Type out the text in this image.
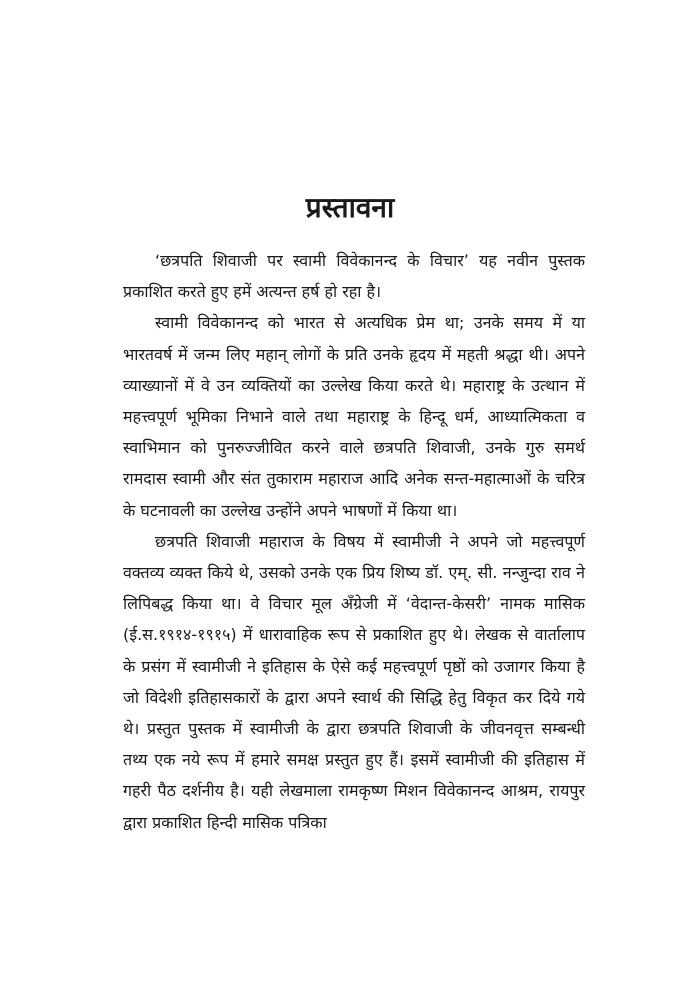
प्रस्तावना

‘छत्रपति शिवाजी पर स्वामी विवेकानन्द के विचार’ यह नवीन पुस्तक प्रकाशित करते हुए हमें अत्यन्त हर्ष हो रहा है।

स्वामी विवेकानन्द को भारत से अत्यधिक प्रेम था; उनके समय में या भारतवर्ष में जन्म लिए महान् लोगों के प्रति उनके हृदय में महती श्रद्धा थी। अपने व्याख्यानों में वे उन व्यक्तियों का उल्लेख किया करते थे। महाराष्ट्र के उत्थान में महत्त्वपूर्ण भूमिका निभाने वाले तथा महाराष्ट्र के हिन्दू धर्म, आध्यात्मिकता व स्वाभिमान को पुनरुज्जीवित करने वाले छत्रपति शिवाजी, उनके गुरु समर्थ रामदास स्वामी और संत तुकाराम महाराज आदि अनेक सन्त-महात्माओं के चरित्र के घटनावली का उल्लेख उन्होंने अपने भाषणों में किया था।

छत्रपति शिवाजी महाराज के विषय में स्वामीजी ने अपने जो महत्त्वपूर्ण वक्तव्य व्यक्त किये थे, उसको उनके एक प्रिय शिष्य डॉ. एम्. सी. नन्जुन्दा राव ने लिपिबद्ध किया था। वे विचार मूल अँग्रेजी में ‘वेदान्त-केसरी’ नामक मासिक (ई.स.१९१४-१९१५) में धारावाहिक रूप से प्रकाशित हुए थे। लेखक से वार्तालाप के प्रसंग में स्वामीजी ने इतिहास के ऐसे कई महत्त्वपूर्ण पृष्ठों को उजागर किया है जो विदेशी इतिहासकारों के द्वारा अपने स्वार्थ की सिद्धि हेतु विकृत कर दिये गये थे। प्रस्तुत पुस्तक में स्वामीजी के द्वारा छत्रपति शिवाजी के जीवनवृत्त सम्बन्धी तथ्य एक नये रूप में हमारे समक्ष प्रस्तुत हुए हैं। इसमें स्वामीजी की इतिहास में गहरी पैठ दर्शनीय है। यही लेखमाला रामकृष्ण मिशन विवेकानन्द आश्रम, रायपुर द्वारा प्रकाशित हिन्दी मासिक पत्रिका
